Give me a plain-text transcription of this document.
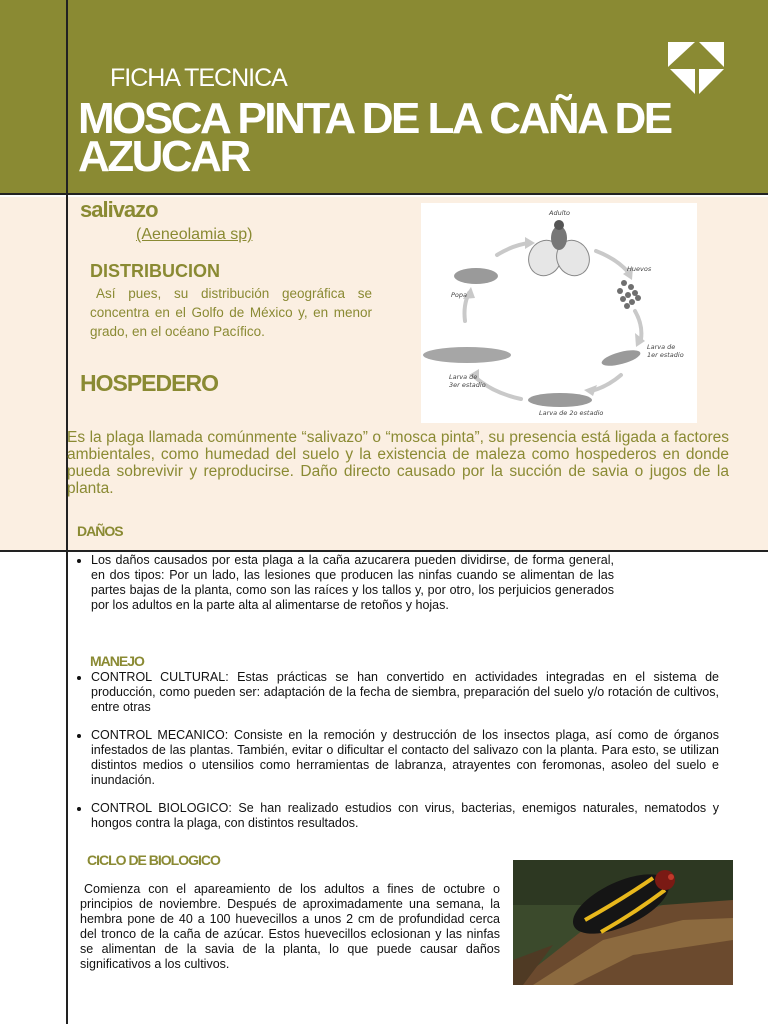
FICHA TECNICA
MOSCA PINTA DE LA CAÑA DE AZUCAR
salivazo
(Aeneolamia sp)
DISTRIBUCION
Así pues, su distribución geográfica se concentra en el Golfo de México y, en menor grado, en el océano Pacífico.
HOSPEDERO
Es la plaga llamada comúnmente “salivazo” o “mosca pinta”, su presencia está ligada a factores ambientales, como humedad del suelo y la existencia de maleza como hospederos en donde pueda sobrevivir y reproducirse. Daño directo causado por la succión de savia o jugos de la planta.
Adulto
Huevos
Larva de
1er estadio
Larva de 2o estadio
Larva de
3er estadio
Popa
DAÑOS
• Los daños causados por esta plaga a la caña azucarera pueden dividirse, de forma general, en dos tipos: Por un lado, las lesiones que producen las ninfas cuando se alimentan de las partes bajas de la planta, como son las raíces y los tallos y, por otro, los perjuicios generados por los adultos en la parte alta al alimentarse de retoños y hojas.
MANEJO
• CONTROL CULTURAL: Estas prácticas se han convertido en actividades integradas en el sistema de producción, como pueden ser: adaptación de la fecha de siembra, preparación del suelo y/o rotación de cultivos, entre otras
• CONTROL MECANICO: Consiste en la remoción y destrucción de los insectos plaga, así como de órganos infestados de las plantas. También, evitar o dificultar el contacto del salivazo con la planta. Para esto, se utilizan distintos medios o utensilios como herramientas de labranza, atrayentes con feromonas, asoleo del suelo e inundación.
• CONTROL BIOLOGICO: Se han realizado estudios con virus, bacterias, enemigos naturales, nematodos y hongos contra la plaga, con distintos resultados.
CICLO DE BIOLOGICO
Comienza con el apareamiento de los adultos a fines de octubre o principios de noviembre. Después de aproximadamente una semana, la hembra pone de 40 a 100 huevecillos a unos 2 cm de profundidad cerca del tronco de la caña de azúcar. Estos huevecillos eclosionan y las ninfas se alimentan de la savia de la planta, lo que puede causar daños significativos a los cultivos.
